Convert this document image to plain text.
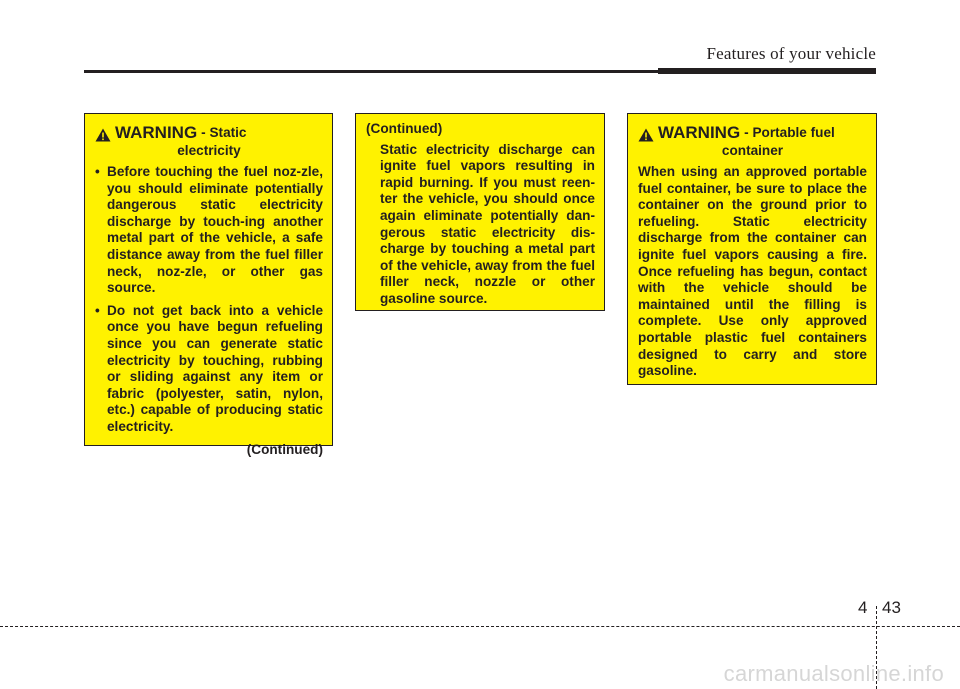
Features of your vehicle
WARNING - Static
electricity
• Before touching the fuel noz-zle, you should eliminate potentially dangerous static electricity discharge by touch-ing another metal part of the vehicle, a safe distance away from the fuel filler neck, noz-zle, or other gas source.
• Do not get back into a vehicle once you have begun refueling since you can generate static electricity by touching, rubbing or sliding against any item or fabric (polyester, satin, nylon, etc.) capable of producing static electricity.
(Continued)
(Continued)
Static electricity discharge can ignite fuel vapors resulting in rapid burning. If you must reen-ter the vehicle, you should once again eliminate potentially dan-gerous static electricity dis-charge by touching a metal part of the vehicle, away from the fuel filler neck, nozzle or other gasoline source.
WARNING - Portable fuel
container
When using an approved portable fuel container, be sure to place the container on the ground prior to refueling. Static electricity discharge from the container can ignite fuel vapors causing a fire. Once refueling has begun, contact with the vehicle should be maintained until the filling is complete. Use only approved portable plastic fuel containers designed to carry and store gasoline.
4 43
carmanualsonline.info
